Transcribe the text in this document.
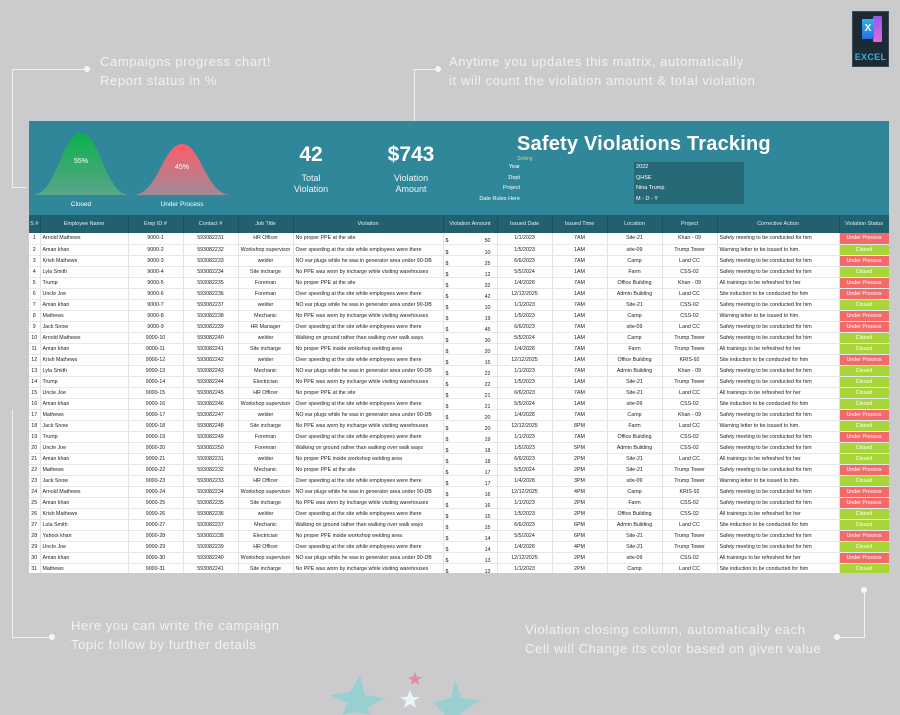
Campaigns progress chart!
Report status in %
Anytime you updates this matrix, automatically
it will count the violation amount & total violation
X
EXCEL
Here you can write the campaign
Topic follow by further details
Violation closing column, automatically each
Cell will Change its color based on given value
55%
Closed
45%
Under Process
42
Total
Violation
$743
Violation
Amount
Safety Violations Tracking
Setting
Year	2022
Dept	QHSE
Project	Nina Trump
Date Rules Here	M - D - Y
S #	Employee Name	Emp ID #	Contact #	Job Title	Violation	Violation Amount	Issued Date	Issued Time	Location	Project	Corrective Action	Violation Status
1	Arnold Mathews	9000-1	593082231	HR Officer	No proper PPE at the site	$ 50	1/1/2023	7AM	Site-21	Khan - 09	Safety meeting to be conducted for him	Under Process
2	Aman khan	9000-2	593082232	Workshop supervisor	Over speeding at the site while employees were there	$ 10	1/5/2023	1AM	site-09	Trump Tower	Warning letter to be issued to him.	Closed
3	Krish Mathews	9000-3	593082233	welder	NO ear plugs while he was in generator area under 90-DB	$ 25	6/6/2023	7AM	Camp	Land CC	Safety meeting to be conducted for him	Under Process
4	Lyla Smith	9000-4	593082234	Site incharge	No PPE was worn by incharge while visiting warehouses	$ 12	5/5/2024	1AM	Farm	CSS-02	Safety meeting to be conducted for him	Closed
5	Trump	9000-5	593082235	Foreman	No proper PPE at the site	$ 32	1/4/2028	7AM	Office Building	Khan - 09	All trainings to be refreshed for her	Under Process
6	Uncle Joe	9000-6	593082236	Foreman	Over speeding at the site while employees were there	$ 42	12/12/2025	1AM	Admin Building	Land CC	Site induction to be conducted for him	Under Process
7	Aman khan	9000-7	593082237	welder	NO ear plugs while he was in generator area under 90-DB	$ 10	1/1/2023	7AM	Site-21	CSS-02	Safety meeting to be conducted for him	Closed
8	Mathews	9000-8	593082238	Mechanic	No PPE was worn by incharge while visiting warehouses	$ 19	1/5/2023	1AM	Camp	CSS-02	Warning letter to be issued to him.	Under Process
9	Jack Snow	9000-9	593082239	HR Manager	Over speeding at the site while employees were there	$ 45	6/6/2023	7AM	site-09	Land CC	Safety meeting to be conducted for him	Under Process
10	Arnold Mathews	9000-10	593082240	welder	Walking on ground rather than walking over walk ways.	$ 30	5/5/2024	1AM	Camp	Trump Tower	Safety meeting to be conducted for him	Closed
11	Aman khan	9000-11	593082241	Site incharge	No proper PPE inside workshop welding area	$ 20	1/4/2028	7AM	Farm	Trump Tower	All trainings to be refreshed for her	Closed
12	Krish Mathews	9000-12	593082242	welder	Over speeding at the site while employees were there	$ 15	12/12/2025	1AM	Office Building	KRIS-92	Site induction to be conducted for him	Under Process
13	Lyla Smith	9000-13	593082243	Mechanic	NO ear plugs while he was in generator area under 90-DB	$ 22	1/1/2023	7AM	Admin Building	Khan - 09	Safety meeting to be conducted for him	Closed
14	Trump	9000-14	593082244	Electrician	No PPE was worn by incharge while visiting warehouses	$ 22	1/5/2023	1AM	Site-21	Trump Tower	Safety meeting to be conducted for him	Closed
15	Uncle Joe	9000-15	593082245	HR Officer	No proper PPE at the site	$ 21	6/6/2023	7AM	Site-21	Land CC	All trainings to be refreshed for her	Closed
16	Aman khan	9000-16	593082246	Workshop supervisor	Over speeding at the site while employees were there	$ 21	5/5/2024	1AM	site-09	CSS-02	Site induction to be conducted for him	Closed
17	Mathews	9000-17	593082247	welder	NO ear plugs while he was in generator area under 90-DB	$ 20	1/4/2028	7AM	Camp	Khan - 09	Safety meeting to be conducted for him	Under Process
18	Jack Snow	9000-18	593082248	Site incharge	No PPE was worn by incharge while visiting warehouses	$ 20	12/12/2025	8PM	Farm	Land CC	Warning letter to be issued to him.	Closed
19	Trump	9000-19	593082249	Foreman	Over speeding at the site while employees were there	$ 19	1/1/2023	7AM	Office Building	CSS-02	Safety meeting to be conducted for him	Under Process
20	Uncle Joe	9000-20	593082250	Foreman	Walking on ground rather than walking over walk ways	$ 18	1/5/2023	5PM	Admin Building	CSS-02	Safety meeting to be conducted for him	Closed
21	Aman khan	9000-21	593082231	welder	No proper PPE inside workshop welding area	$ 18	6/6/2023	2PM	Site-21	Land CC	All trainings to be refreshed for her	Closed
22	Mathews	9000-22	593082232	Mechanic	No proper PPE at the site	$ 17	5/5/2024	2PM	Site-21	Trump Tower	Safety meeting to be conducted for him	Under Process
23	Jack Snow	9000-23	593082233	HR Officer	Over speeding at the site while employees were there	$ 17	1/4/2028	3PM	site-09	Trump Tower	Warning letter to be issued to him.	Closed
24	Arnold Mathews	9000-24	593082234	Workshop supervisor	NO ear plugs while he was in generator area under 90-DB	$ 16	12/12/2025	4PM	Camp	KRIS-92	Safety meeting to be conducted for him	Under Process
25	Aman khan	9000-25	593082235	Site incharge	No PPE was worn by incharge while visiting warehouses	$ 16	1/1/2023	2PM	Farm	CSS-02	Safety meeting to be conducted for him	Under Process
26	Krish Mathews	9000-26	593082236	welder	Over speeding at the site while employees were there	$ 15	1/5/2023	2PM	Office Building	CSS-02	All trainings to be refreshed for her	Closed
27	Lula Smith	9000-27	593082237	Mechanic	Walking on ground rather than walking over walk ways	$ 15	6/6/2023	6PM	Admin Building	Land CC	Site induction to be conducted for him	Closed
28	Yahooi khan	9000-28	593082238	Electrician	No proper PPE inside workshop welding area	$ 14	5/5/2024	6PM	Site-21	Trump Tower	Safety meeting to be conducted for him	Under Process
29	Uncle Joe	9000-29	593082239	HR Officer	Over speeding at the site while employees were there	$ 14	1/4/2028	4PM	Site-21	Trump Tower	Safety meeting to be conducted for him	Closed
30	Aman khan	9000-30	593082240	Workshop supervisor	NO ear plugs while he was in generator area under 90-DB	$ 13	12/12/2025	2PM	site-09	CSS-02	All trainings to be refreshed for her	Under Process
31	Mathews	9000-31	593082241	Site incharge	No PPE was worn by incharge while visiting warehouses	$ 13	1/1/2023	2PM	Camp	Land CC	Site induction to be conducted for him	Closed
